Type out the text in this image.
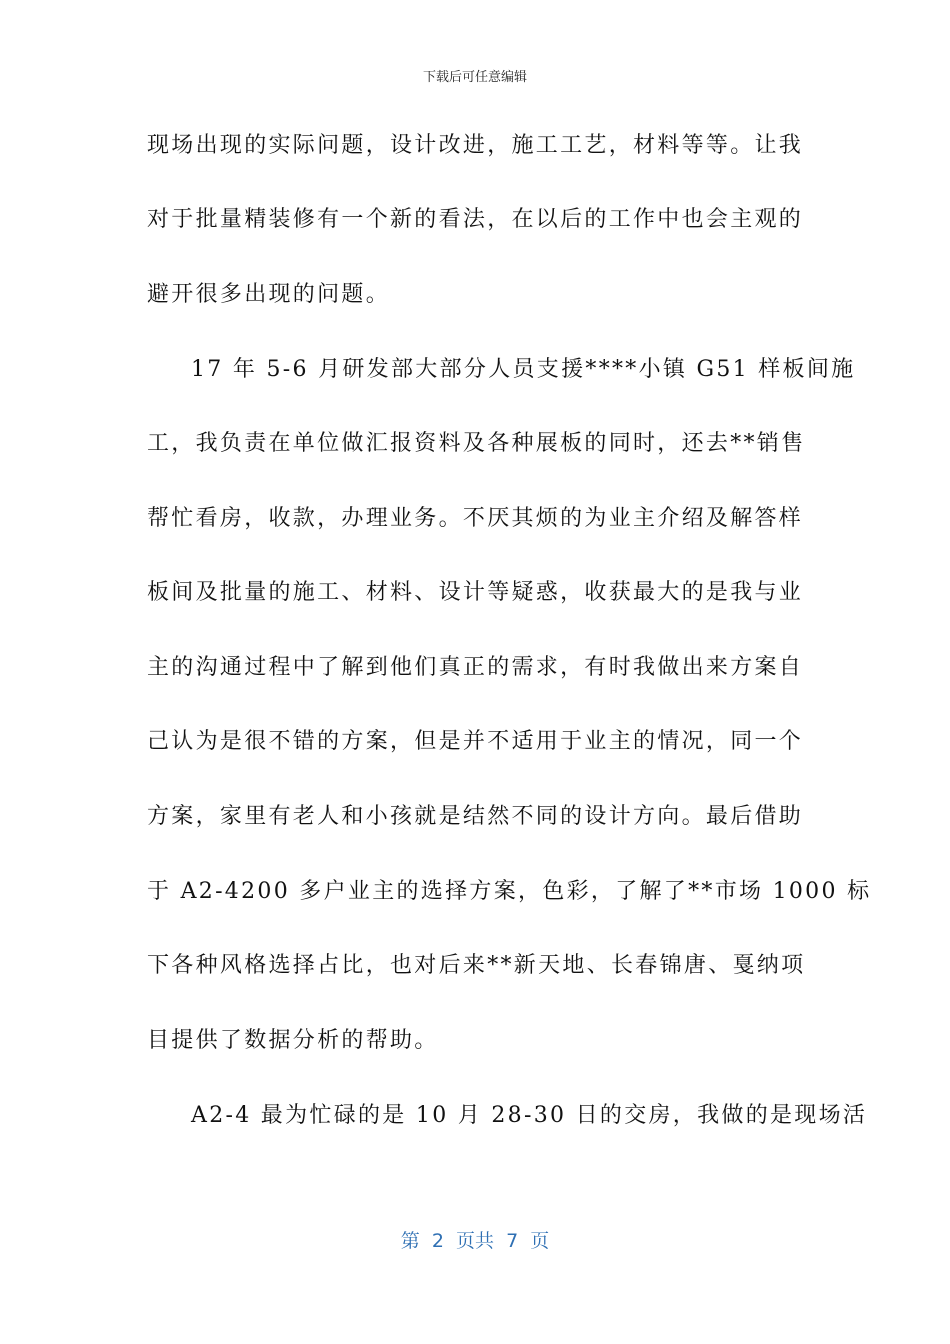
下载后可任意编辑
现场出现的实际问题，设计改进，施工工艺，材料等等。让我
对于批量精装修有一个新的看法，在以后的工作中也会主观的
避开很多出现的问题。
17 年 5-6 月研发部大部分人员支援****小镇 G51 样板间施
工，我负责在单位做汇报资料及各种展板的同时，还去**销售
帮忙看房，收款，办理业务。不厌其烦的为业主介绍及解答样
板间及批量的施工、材料、设计等疑惑，收获最大的是我与业
主的沟通过程中了解到他们真正的需求，有时我做出来方案自
己认为是很不错的方案，但是并不适用于业主的情况，同一个
方案，家里有老人和小孩就是结然不同的设计方向。最后借助
于 A2-4200 多户业主的选择方案，色彩，了解了**市场 1000 标
下各种风格选择占比，也对后来**新天地、长春锦唐、戛纳项
目提供了数据分析的帮助。
A2-4 最为忙碌的是 10 月 28-30 日的交房，我做的是现场活
第  2  页共  7  页
